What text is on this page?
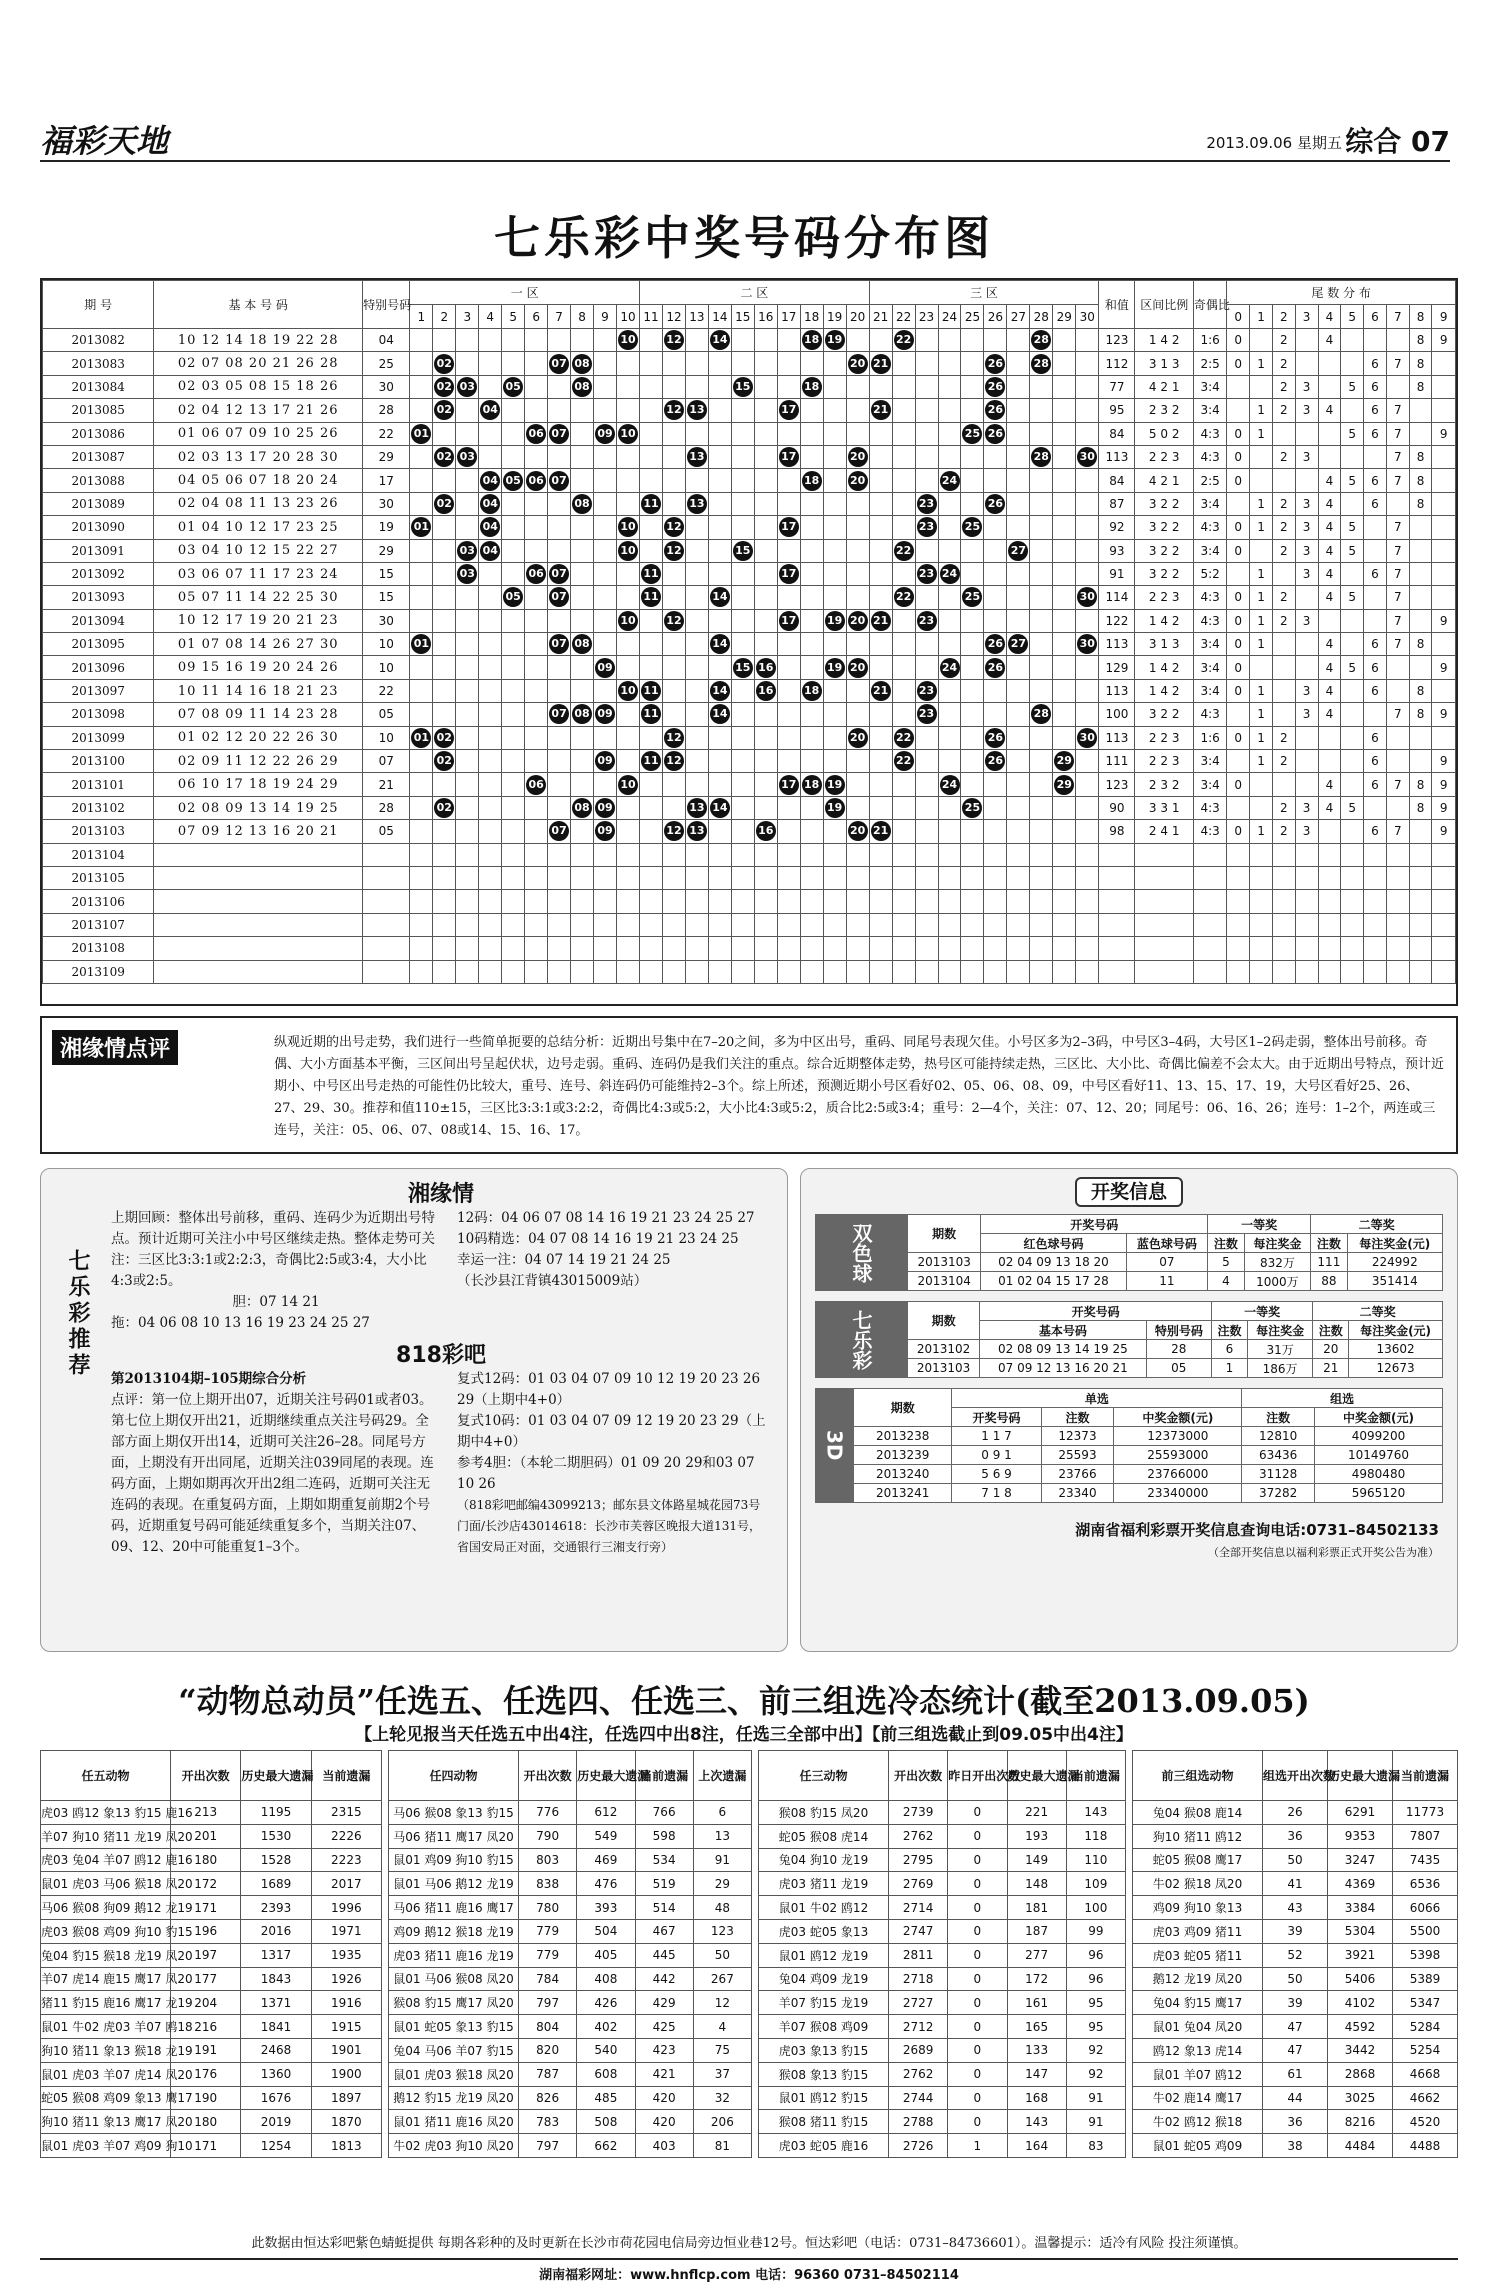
福彩天地	2013.09.06 星期五 综合 07
七乐彩中奖号码分布图
期 号	基 本 号 码	特别号码	一 区										二 区										三 区										和值	区间比例	奇偶比	尾 数 分 布									
			1	2	3	4	5	6	7	8	9	10	11	12	13	14	15	16	17	18	19	20	21	22	23	24	25	26	27	28	29	30				0	1	2	3	4	5	6	7	8	9
2013082	10 12 14 18 19 22 28	04										10		12		14				18	19			22						28			123	1 4 2	1:6	0		2		4				8	9
2013083	02 07 08 20 21 26 28	25		02					07	08												20	21					26		28			112	3 1 3	2:5	0	1	2				6	7	8	
2013084	02 03 05 08 15 18 26	30		02	03		05			08							15			18								26					77	4 2 1	3:4			2	3		5	6		8	
2013085	02 04 12 13 17 21 26	28		02		04								12	13				17				21					26					95	2 3 2	3:4		1	2	3	4		6	7		
2013086	01 06 07 09 10 25 26	22	01					06	07		09	10															25	26					84	5 0 2	4:3	0	1				5	6	7		9
2013087	02 03 13 17 20 28 30	29		02	03										13				17			20								28		30	113	2 2 3	4:3	0		2	3				7	8	
2013088	04 05 06 07 18 20 24	17				04	05	06	07											18		20				24							84	4 2 1	2:5	0				4	5	6	7	8	
2013089	02 04 08 11 13 23 26	30		02		04				08			11		13										23			26					87	3 2 2	3:4		1	2	3	4		6		8	
2013090	01 04 10 12 17 23 25	19	01			04						10		12					17						23		25						92	3 2 2	4:3	0	1	2	3	4	5		7		
2013091	03 04 10 12 15 22 27	29			03	04						10		12			15							22					27				93	3 2 2	3:4	0		2	3	4	5		7		
2013092	03 06 07 11 17 23 24	15			03			06	07				11						17						23	24							91	3 2 2	5:2		1		3	4		6	7		
2013093	05 07 11 14 22 25 30	15					05		07				11			14								22			25					30	114	2 2 3	4:3	0	1	2		4	5		7		
2013094	10 12 17 19 20 21 23	30										10		12					17		19	20	21		23								122	1 4 2	4:3	0	1	2	3				7		9
2013095	01 07 08 14 26 27 30	10	01						07	08						14												26	27			30	113	3 1 3	3:4	0	1			4		6	7	8	
2013096	09 15 16 19 20 24 26	10									09						15	16			19	20				24		26					129	1 4 2	3:4	0				4	5	6			9
2013097	10 11 14 16 18 21 23	22										10	11			14		16		18			21		23								113	1 4 2	3:4	0	1		3	4		6		8	
2013098	07 08 09 11 14 23 28	05							07	08	09		11			14									23					28			100	3 2 2	4:3		1		3	4			7	8	9
2013099	01 02 12 20 22 26 30	10	01	02										12								20		22				26				30	113	2 2 3	1:6	0	1	2				6			
2013100	02 09 11 12 22 26 29	07		02							09		11	12										22				26			29		111	2 2 3	3:4		1	2				6			9
2013101	06 10 17 18 19 24 29	21						06				10							17	18	19					24					29		123	2 3 2	3:4	0				4		6	7	8	9
2013102	02 08 09 13 14 19 25	28		02						08	09				13	14					19						25						90	3 3 1	4:3			2	3	4	5			8	9
2013103	07 09 12 13 16 20 21	05							07		09			12	13			16				20	21										98	2 4 1	4:3	0	1	2	3			6	7		9
2013104																																													
2013105																																													
2013106																																													
2013107																																													
2013108																																													
2013109																																													
湘缘情点评	纵观近期的出号走势，我们进行一些简单扼要的总结分析：近期出号集中在7–20之间，多为中区出号，重码、同尾号表现欠佳。小号区多为2–3码，中号区3–4码，大号区1–2码走弱，整体出号前移。奇偶、大小方面基本平衡，三区间出号呈起伏状，边号走弱。重码、连码仍是我们关注的重点。综合近期整体走势，热号区可能持续走热，三区比、大小比、奇偶比偏差不会太大。由于近期出号特点，预计近期小、中号区出号走热的可能性仍比较大，重号、连号、斜连码仍可能维持2–3个。综上所述，预测近期小号区看好02、05、06、08、09，中号区看好11、13、15、17、19，大号区看好25、26、27、29、30。推荐和值110±15，三区比3:3:1或3:2:2，奇偶比4:3或5:2，大小比4:3或5:2，质合比2:5或3:4；重号：2—4个，关注：07、12、20；同尾号：06、16、26；连号：1–2个，两连或三连号，关注：05、06、07、08或14、15、16、17。

七乐彩推荐
湘缘情
上期回顾：整体出号前移，重码、连码少为近期出号特点。预计近期可关注小中号区继续走热。整体走势可关注：三区比3:3:1或2:2:3，奇偶比2:5或3:4，大小比4:3或2:5。
胆：07 14 21
拖：04 06 08 10 13 16 19 23 24 25 27
12码：04 06 07 08 14 16 19 21 23 24 25 27
10码精选：04 07 08 14 16 19 21 23 24 25
幸运一注：04 07 14 19 21 24 25
（长沙县江背镇43015009站）
818彩吧
第2013104期–105期综合分析
点评：第一位上期开出07，近期关注号码01或者03。第七位上期仅开出21，近期继续重点关注号码29。全部方面上期仅开出14，近期可关注26–28。同尾号方面，上期没有开出同尾，近期关注039同尾的表现。连码方面，上期如期再次开出2组二连码，近期可关注无连码的表现。在重复码方面，上期如期重复前期2个号码，近期重复号码可能延续重复多个，当期关注07、09、12、20中可能重复1–3个。
复式12码：01 03 04 07 09 10 12 19 20 23 26 29（上期中4+0）
复式10码：01 03 04 07 09 12 19 20 23 29（上期中4+0）
参考4胆：（本轮二期胆码）01 09 20 29和03 07 10 26
（818彩吧邮编43099213；邮东县文体路星城花园73号门面/长沙店43014618：长沙市芙蓉区晚报大道131号，省国安局正对面，交通银行三湘支行旁）
开奖信息
双色球	期数	开奖号码		一等奖		二等奖	
		红色球号码	蓝色球号码	注数	每注奖金	注数	每注奖金(元)
	2013103	02 04 09 13 18 20	07	5	832万	111	224992
	2013104	01 02 04 15 17 28	11	4	1000万	88	351414
七乐彩	期数	开奖号码		一等奖		二等奖	
		基本号码	特别号码	注数	每注奖金	注数	每注奖金(元)
	2013102	02 08 09 13 14 19 25	28	6	31万	20	13602
	2013103	07 09 12 13 16 20 21	05	1	186万	21	12673
3D	期数	单选			组选	
		开奖号码	注数	中奖金额(元)	注数	中奖金额(元)
	2013238	1 1 7	12373	12373000	12810	4099200
	2013239	0 9 1	25593	25593000	63436	10149760
	2013240	5 6 9	23766	23766000	31128	4980480
	2013241	7 1 8	23340	23340000	37282	5965120
湖南省福利彩票开奖信息查询电话:0731–84502133
（全部开奖信息以福利彩票正式开奖公告为准）
“动物总动员”任选五、任选四、任选三、前三组选冷态统计(截至2013.09.05)
【上轮见报当天任选五中出4注，任选四中出8注，任选三全部中出】【前三组选截止到09.05中出4注】
任五动物	开出次数	历史最大遗漏	当前遗漏
虎03 鸥12 象13 豹15 鹿16	213	1195	2315
羊07 狗10 猪11 龙19 凤20	201	1530	2226
虎03 兔04 羊07 鸥12 鹿16	180	1528	2223
鼠01 虎03 马06 猴18 凤20	172	1689	2017
马06 猴08 狗09 鹅12 龙19	171	2393	1996
虎03 猴08 鸡09 狗10 豹15	196	2016	1971
兔04 豹15 猴18 龙19 凤20	197	1317	1935
羊07 虎14 鹿15 鹰17 凤20	177	1843	1926
猪11 豹15 鹿16 鹰17 龙19	204	1371	1916
鼠01 牛02 虎03 羊07 鸥18	216	1841	1915
狗10 猪11 象13 猴18 龙19	191	2468	1901
鼠01 虎03 羊07 虎14 凤20	176	1360	1900
蛇05 猴08 鸡09 象13 鹰17	190	1676	1897
狗10 猪11 象13 鹰17 凤20	180	2019	1870
鼠01 虎03 羊07 鸡09 狗10	171	1254	1813
任四动物	开出次数	历史最大遗漏	当前遗漏	上次遗漏
马06 猴08 象13 豹15	776	612	766	6
马06 猪11 鹰17 凤20	790	549	598	13
鼠01 鸡09 狗10 豹15	803	469	534	91
鼠01 马06 鹅12 龙19	838	476	519	29
马06 猪11 鹿16 鹰17	780	393	514	48
鸡09 鹅12 猴18 龙19	779	504	467	123
虎03 猪11 鹿16 龙19	779	405	445	50
鼠01 马06 猴08 凤20	784	408	442	267
猴08 豹15 鹰17 凤20	797	426	429	12
鼠01 蛇05 象13 豹15	804	402	425	4
兔04 马06 羊07 豹15	820	540	423	75
鼠01 虎03 猴18 凤20	787	608	421	37
鹅12 豹15 龙19 凤20	826	485	420	32
鼠01 猪11 鹿16 凤20	783	508	420	206
牛02 虎03 狗10 凤20	797	662	403	81
任三动物	开出次数	昨日开出次数	历史最大遗漏	当前遗漏
猴08 豹15 凤20	2739	0	221	143
蛇05 猴08 虎14	2762	0	193	118
兔04 狗10 龙19	2795	0	149	110
虎03 猪11 龙19	2769	0	148	109
鼠01 牛02 鸥12	2714	0	181	100
虎03 蛇05 象13	2747	0	187	99
鼠01 鸥12 龙19	2811	0	277	96
兔04 鸡09 龙19	2718	0	172	96
羊07 豹15 龙19	2727	0	161	95
羊07 猴08 鸡09	2712	0	165	95
虎03 象13 豹15	2689	0	133	92
猴08 象13 豹15	2762	0	147	92
鼠01 鸥12 豹15	2744	0	168	91
猴08 猪11 豹15	2788	0	143	91
虎03 蛇05 鹿16	2726	1	164	83
前三组选动物	组选开出次数	历史最大遗漏	当前遗漏
兔04 猴08 鹿14	26	6291	11773
狗10 猪11 鸥12	36	9353	7807
蛇05 猴08 鹰17	50	3247	7435
牛02 猴18 凤20	41	4369	6536
鸡09 狗10 象13	43	3384	6066
虎03 鸡09 猪11	39	5304	5500
虎03 蛇05 猪11	52	3921	5398
鹅12 龙19 凤20	50	5406	5389
兔04 豹15 鹰17	39	4102	5347
鼠01 兔04 凤20	47	4592	5284
鸥12 象13 虎14	47	3442	5254
鼠01 羊07 鸥12	61	2868	4668
牛02 鹿14 鹰17	44	3025	4662
牛02 鸥12 猴18	36	8216	4520
鼠01 蛇05 鸡09	38	4484	4488
此数据由恒达彩吧紫色蜻蜓提供 每期各彩种的及时更新在长沙市荷花园电信局旁边恒业巷12号。恒达彩吧（电话：0731–84736601）。温馨提示：适冷有风险 投注须谨慎。
湖南福彩网址：www.hnflcp.com 电话：96360 0731–84502114
